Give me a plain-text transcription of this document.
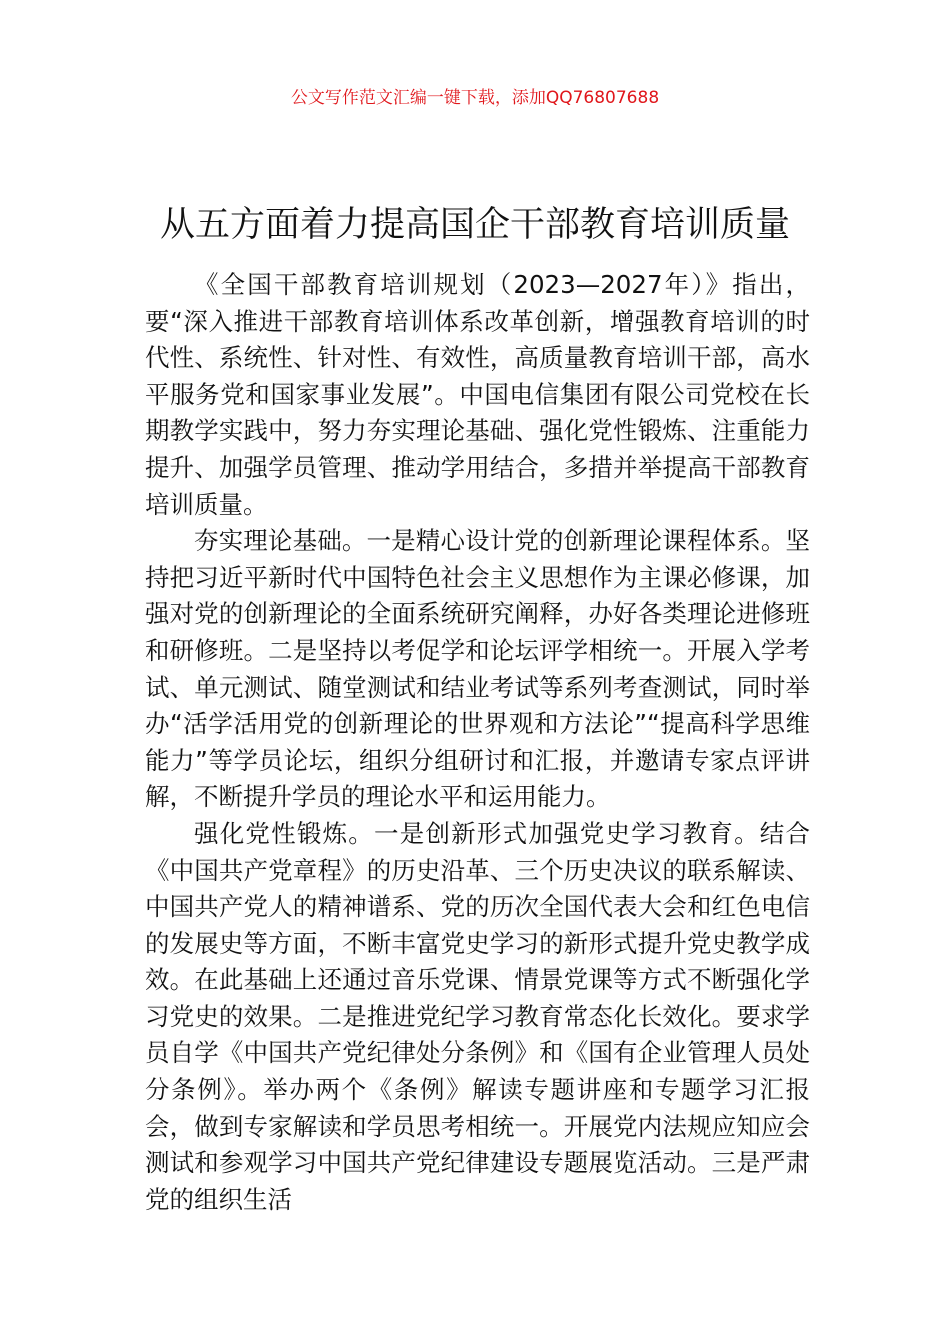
公文写作范文汇编一键下载，添加QQ76807688
从五方面着力提高国企干部教育培训质量

《全国干部教育培训规划（2023—2027年）》指出，要“深入推进干部教育培训体系改革创新，增强教育培训的时代性、系统性、针对性、有效性，高质量教育培训干部，高水平服务党和国家事业发展”。中国电信集团有限公司党校在长期教学实践中，努力夯实理论基础、强化党性锻炼、注重能力提升、加强学员管理、推动学用结合，多措并举提高干部教育培训质量。

夯实理论基础。一是精心设计党的创新理论课程体系。坚持把习近平新时代中国特色社会主义思想作为主课必修课，加强对党的创新理论的全面系统研究阐释，办好各类理论进修班和研修班。二是坚持以考促学和论坛评学相统一。开展入学考试、单元测试、随堂测试和结业考试等系列考查测试，同时举办“活学活用党的创新理论的世界观和方法论”“提高科学思维能力”等学员论坛，组织分组研讨和汇报，并邀请专家点评讲解，不断提升学员的理论水平和运用能力。

强化党性锻炼。一是创新形式加强党史学习教育。结合《中国共产党章程》的历史沿革、三个历史决议的联系解读、中国共产党人的精神谱系、党的历次全国代表大会和红色电信的发展史等方面，不断丰富党史学习的新形式提升党史教学成效。在此基础上还通过音乐党课、情景党课等方式不断强化学习党史的效果。二是推进党纪学习教育常态化长效化。要求学员自学《中国共产党纪律处分条例》和《国有企业管理人员处分条例》。举办两个《条例》解读专题讲座和专题学习汇报会，做到专家解读和学员思考相统一。开展党内法规应知应会测试和参观学习中国共产党纪律建设专题展览活动。三是严肃党的组织生活
